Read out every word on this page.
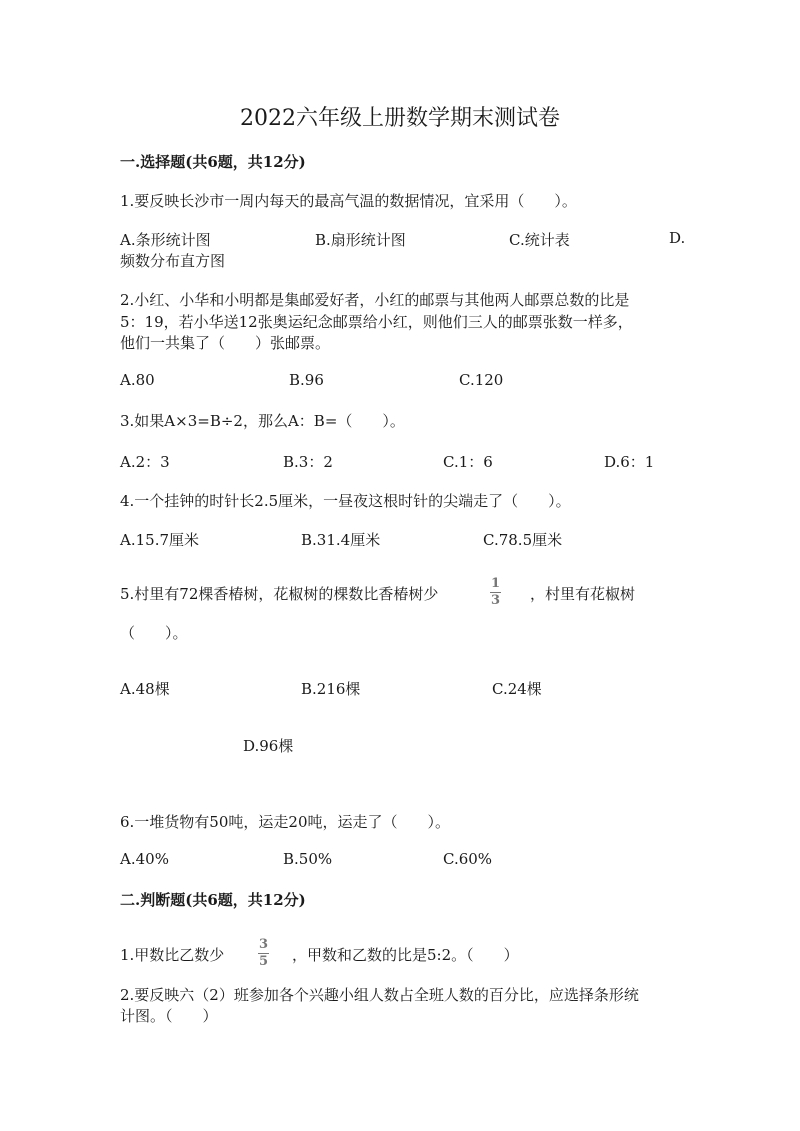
2022六年级上册数学期末测试卷
一.选择题(共6题，共12分)
1.要反映长沙市一周内每天的最高气温的数据情况，宜采用（　　）。
A.条形统计图	B.扇形统计图	C.统计表	D.
频数分布直方图
2.小红、小华和小明都是集邮爱好者，小红的邮票与其他两人邮票总数的比是
5：19，若小华送12张奥运纪念邮票给小红，则他们三人的邮票张数一样多，
他们一共集了（　　）张邮票。
A.80	B.96	C.120
3.如果A×3=B÷2，那么A：B=（　　）。
A.2：3	B.3：2	C.1：6	D.6：1
4.一个挂钟的时针长2.5厘米，一昼夜这根时针的尖端走了（　　）。
A.15.7厘米	B.31.4厘米	C.78.5厘米
5.村里有72棵香椿树，花椒树的棵数比香椿树少
1
3 ，村里有花椒树
（　　）。
A.48棵	B.216棵	C.24棵
D.96棵
6.一堆货物有50吨，运走20吨，运走了（　　）。
A.40%	B.50%	C.60%
二.判断题(共6题，共12分)
1.甲数比乙数少
3
5 ，甲数和乙数的比是5:2。（　　）
2.要反映六（2）班参加各个兴趣小组人数占全班人数的百分比，应选择条形统
计图。（　　）
